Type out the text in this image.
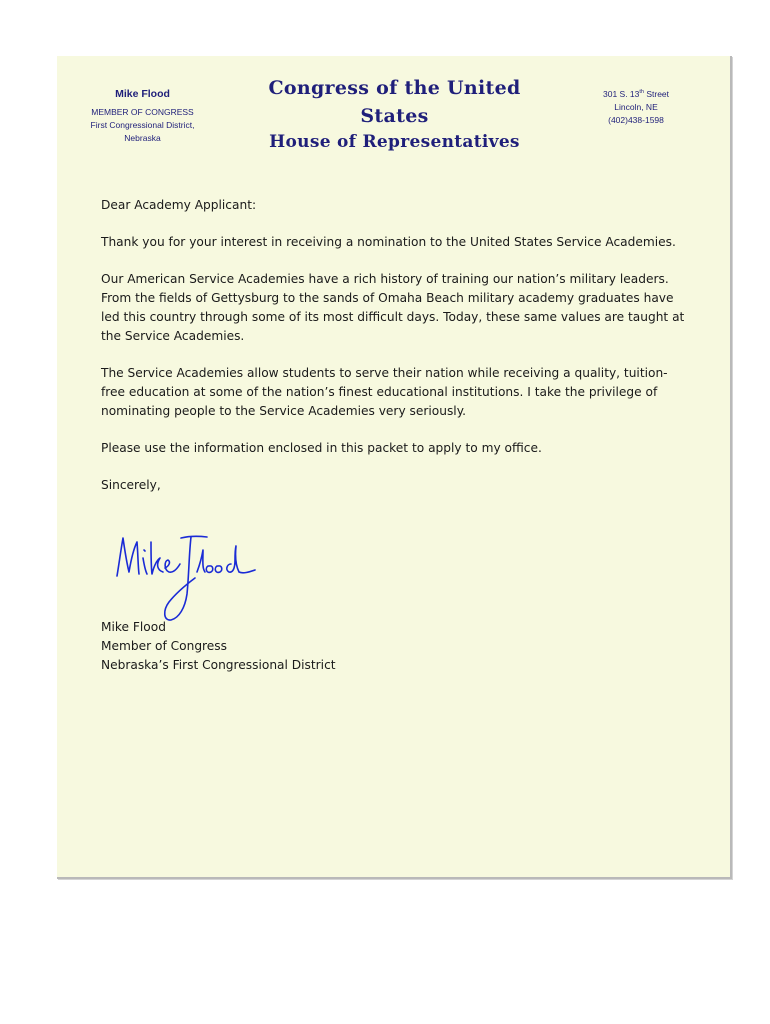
Mike Flood
MEMBER OF CONGRESS
First Congressional District,
Nebraska
Congress of the United States
House of Representatives
301 S. 13th Street
Lincoln, NE
(402)438-1598

Dear Academy Applicant:

Thank you for your interest in receiving a nomination to the United States Service Academies.

Our American Service Academies have a rich history of training our nation’s military leaders. From the fields of Gettysburg to the sands of Omaha Beach military academy graduates have led this country through some of its most difficult days. Today, these same values are taught at the Service Academies.

The Service Academies allow students to serve their nation while receiving a quality, tuition-free education at some of the nation’s finest educational institutions. I take the privilege of nominating people to the Service Academies very seriously.

Please use the information enclosed in this packet to apply to my office.

Sincerely,

Mike Flood
Member of Congress
Nebraska’s First Congressional District
